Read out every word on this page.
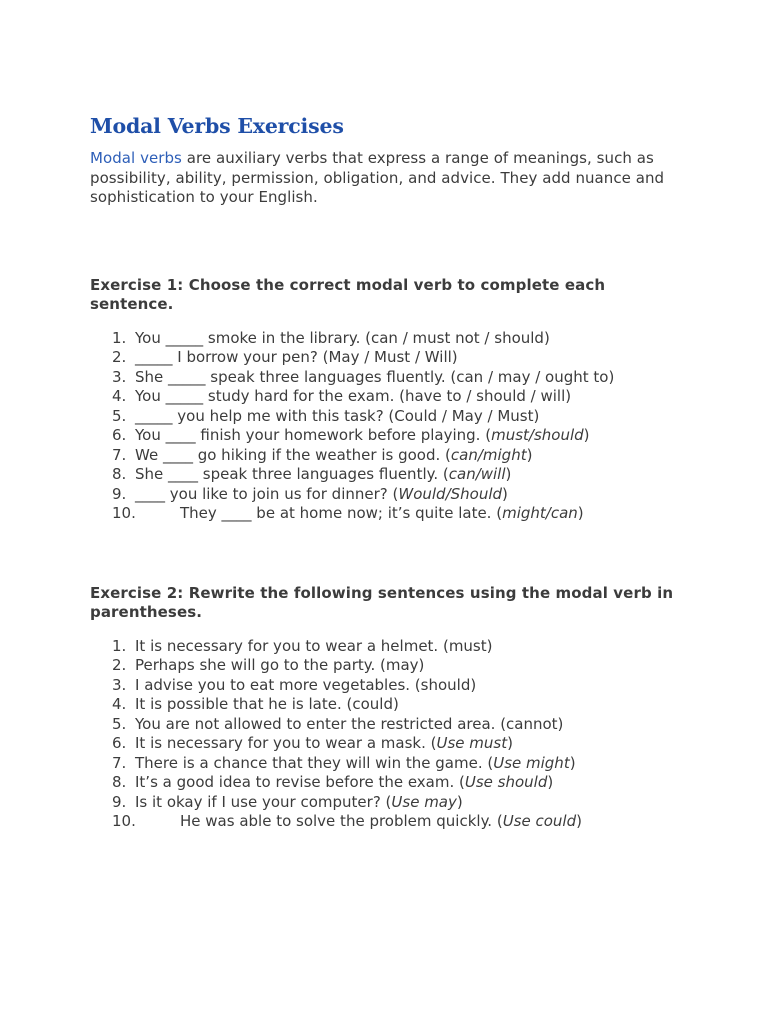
Modal Verbs Exercises

Modal verbs are auxiliary verbs that express a range of meanings, such as possibility, ability, permission, obligation, and advice. They add nuance and sophistication to your English.

Exercise 1: Choose the correct modal verb to complete each sentence.
1. You _____ smoke in the library. (can / must not / should)
2. _____ I borrow your pen? (May / Must / Will)
3. She _____ speak three languages fluently. (can / may / ought to)
4. You _____ study hard for the exam. (have to / should / will)
5. _____ you help me with this task? (Could / May / Must)
6. You ____ finish your homework before playing. (must/should)
7. We ____ go hiking if the weather is good. (can/might)
8. She ____ speak three languages fluently. (can/will)
9. ____ you like to join us for dinner? (Would/Should)
10.	They ____ be at home now; it’s quite late. (might/can)
Exercise 2: Rewrite the following sentences using the modal verb in parentheses.
1. It is necessary for you to wear a helmet. (must)
2. Perhaps she will go to the party. (may)
3. I advise you to eat more vegetables. (should)
4. It is possible that he is late. (could)
5. You are not allowed to enter the restricted area. (cannot)
6. It is necessary for you to wear a mask. (Use must)
7. There is a chance that they will win the game. (Use might)
8. It’s a good idea to revise before the exam. (Use should)
9. Is it okay if I use your computer? (Use may)
10.	He was able to solve the problem quickly. (Use could)
